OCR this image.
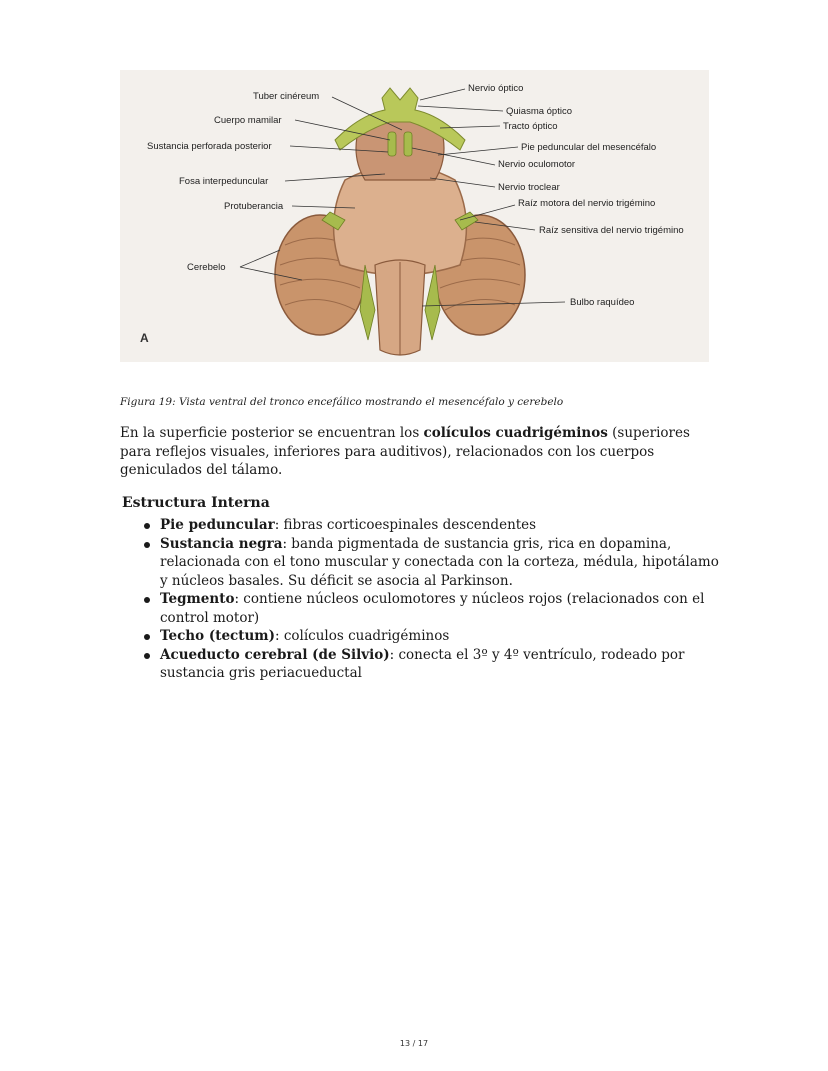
Tuber cinéreum
Cuerpo mamilar
Sustancia perforada posterior
Fosa interpeduncular
Protuberancia
Cerebelo
Nervio óptico
Quiasma óptico
Tracto óptico
Pie peduncular del mesencéfalo
Nervio oculomotor
Nervio troclear
Raíz motora del nervio trigémino
Raíz sensitiva del nervio trigémino
Bulbo raquídeo
A
Figura 19: Vista ventral del tronco encefálico mostrando el mesencéfalo y cerebelo

En la superficie posterior se encuentran los colículos cuadrigéminos (superiores para reflejos visuales, inferiores para auditivos), relacionados con los cuerpos geniculados del tálamo.

Estructura Interna
Pie peduncular: fibras corticoespinales descendentes
Sustancia negra: banda pigmentada de sustancia gris, rica en dopamina, relacionada con el tono muscular y conectada con la corteza, médula, hipotálamo y núcleos basales. Su déficit se asocia al Parkinson.
Tegmento: contiene núcleos oculomotores y núcleos rojos (relacionados con el control motor)
Techo (tectum): colículos cuadrigéminos
Acueducto cerebral (de Silvio): conecta el 3º y 4º ventrículo, rodeado por sustancia gris periacueductal
13 / 17
